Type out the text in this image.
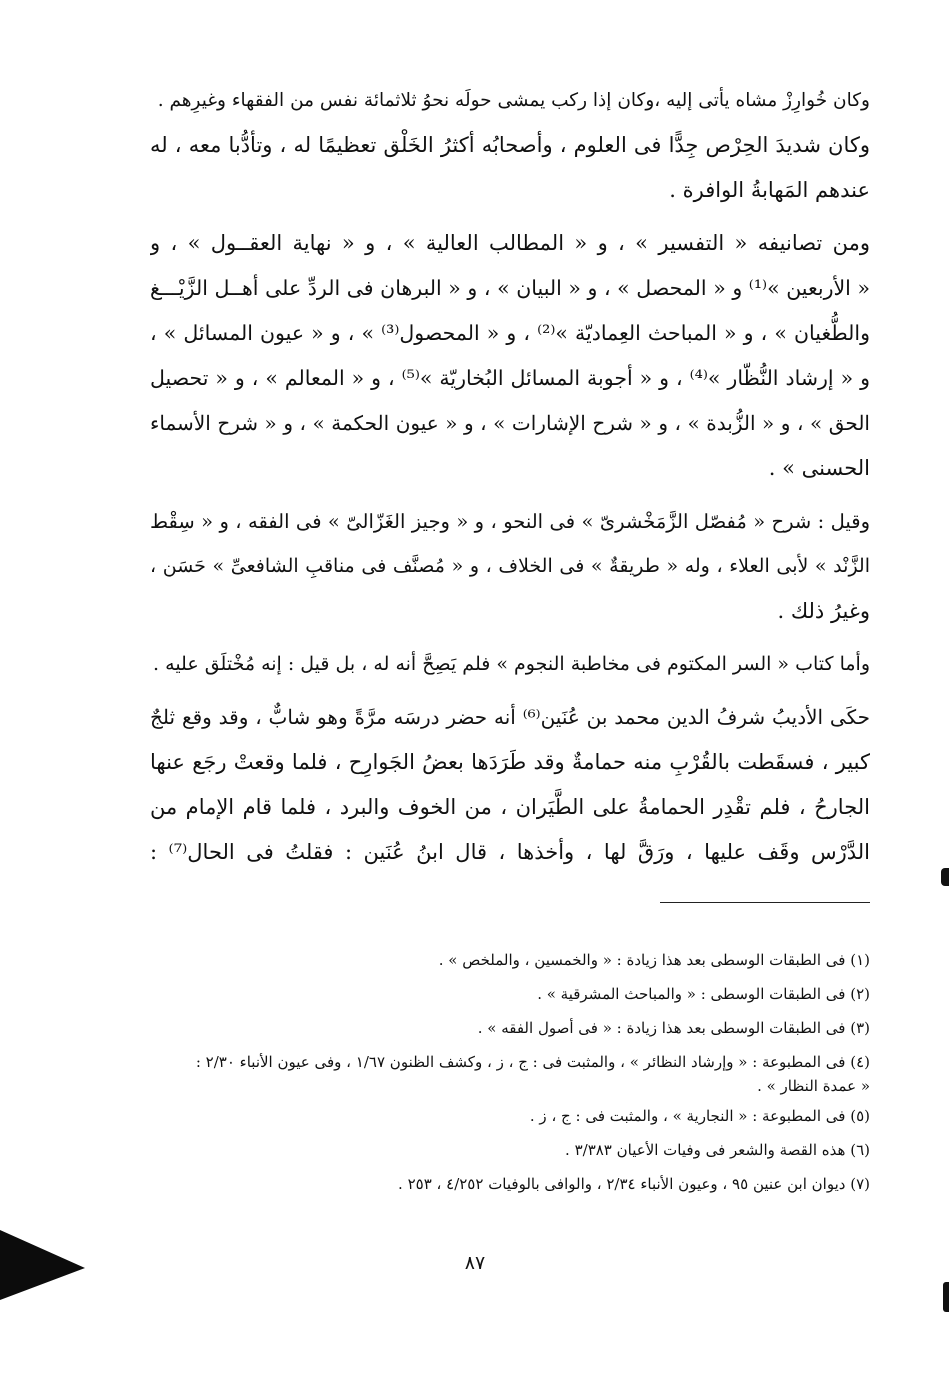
وكان خُوارِزْ مشاه يأتى إليه ،وكان إذا ركب يمشى حولَه نحوُ ثلاثمائة نفس من الفقهاء وغيرِهم .
وكان شديدَ الحِرْص جِدًّا فى العلوم ، وأصحابُه أكثرُ الخَلْق تعظيمًا له ، وتأدُّبا معه ، له
عندهم المَهابةُ الوافرة .
ومن تصانيفه « التفسير » ، و « المطالب العالية » ، و « نهاية العقــول » ، و
« الأربعين »⁽¹⁾ و « المحصل » ، و « البيان » ، و « البرهان فى الردِّ على أهــل الزَّيْـــغ
والطُّغيان » ، و « المباحث العِماديّة »⁽²⁾ ، و « المحصول⁽³⁾ » ، و « عيون المسائل » ،
و « إرشاد النُّظّار »⁽⁴⁾ ، و « أجوبة المسائل البُخاريّة »⁽⁵⁾ ، و « المعالم » ، و « تحصيل
الحق » ، و « الزُّبدة » ، و « شرح الإشارات » ، و « عيون الحكمة » ، و « شرح الأسماء
الحسنى » .
وقيل : شرح « مُفصّل الزَّمَخْشرىّ » فى النحو ، و « وجيز الغَزّالىّ » فى الفقه ، و « سِقْط
الزَّنْد » لأبى العلاء ، وله « طريقةٌ » فى الخلاف ، و « مُصنَّف فى مناقبِ الشافعىِّ » حَسَن ،
وغيرُ ذلك .
وأما كتاب « السر المكتوم فى مخاطبة النجوم » فلم يَصِحَّ أنه له ، بل قيل : إنه مُخْتلَق عليه .
حكَى الأديبُ شرفُ الدين محمد بن عُنَين⁽⁶⁾ أنه حضر درسَه مرَّةً وهو شابٌّ ، وقد وقع ثلجٌ
كبير ، فسقَطت بالقُرْبِ منه حمامةٌ وقد طَرَدَها بعضُ الجَوارِح ، فلما وقعتْ رجَع عنها
الجارحُ ، فلم تقْدِر الحمامةُ على الطَّيَران ، من الخوف والبرد ، فلما قام الإمام من
الدَّرْس وقَف عليها ، ورَقَّ لها ، وأخذها ، قال ابنُ عُنَين : فقلتُ فى الحال⁽⁷⁾ :
(١) فى الطبقات الوسطى بعد هذا زيادة : « والخمسين ، والملخص » .
(٢) فى الطبقات الوسطى : « والمباحث المشرقية » .
(٣) فى الطبقات الوسطى بعد هذا زيادة : « فى أصول الفقه » .
(٤) فى المطبوعة : « وإرشاد النظائر » ، والمثبت فى : ج ، ز ، وكشف الظنون ١/٦٧ ، وفى عيون الأنباء ٢/٣٠ :
« عمدة النظار » .
(٥) فى المطبوعة : « النجارية » ، والمثبت فى : ج ، ز .
(٦) هذه القصة والشعر فى وفيات الأعيان ٣/٣٨٣ .
(٧) ديوان ابن عنين ٩٥ ، وعيون الأنباء ٢/٣٤ ، والوافى بالوفيات ٤/٢٥٢ ، ٢٥٣ .
٨٧
